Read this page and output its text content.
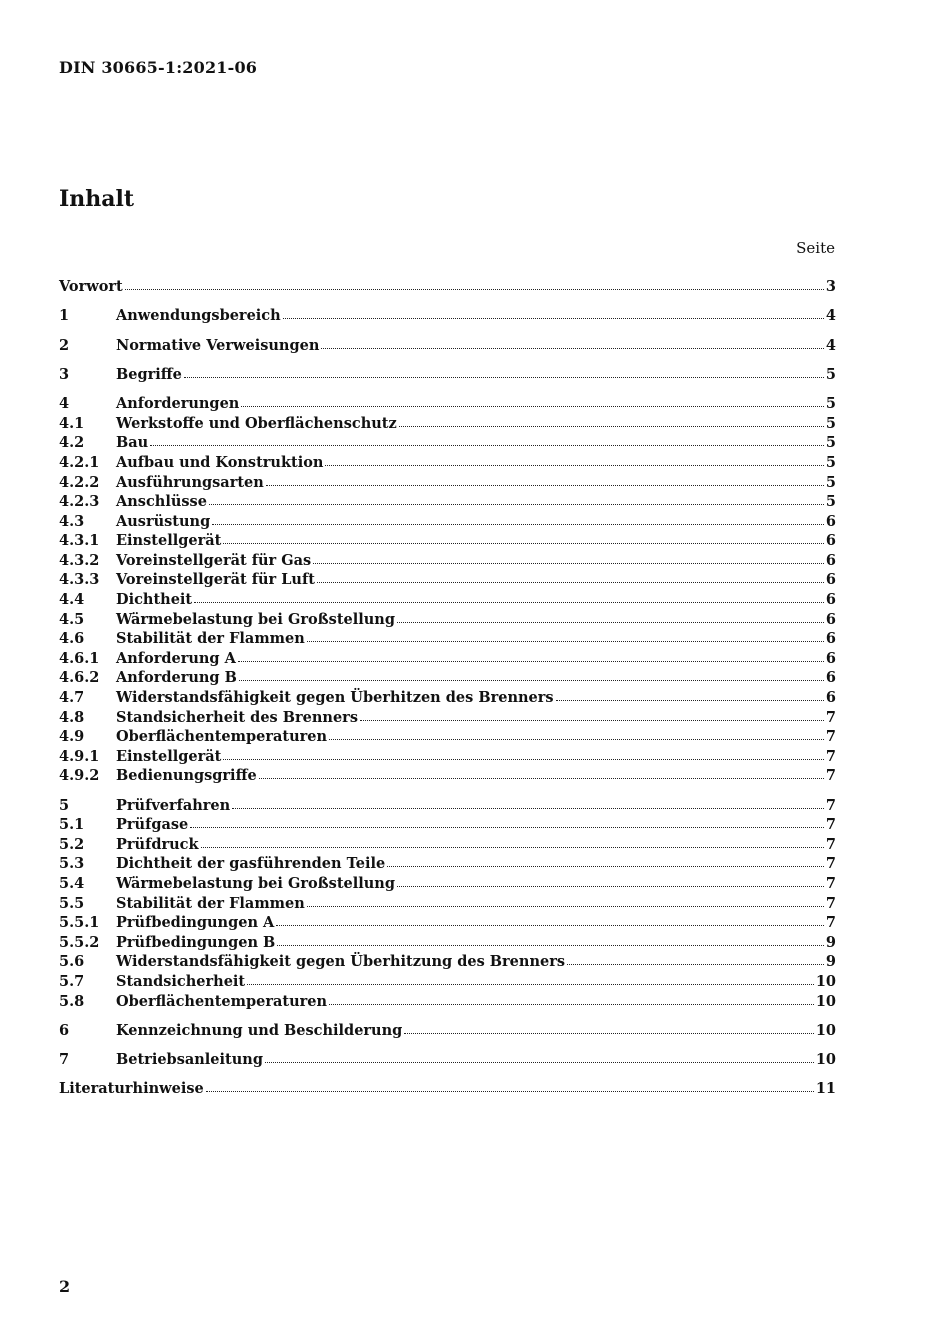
DIN 30665-1:2021-06
Inhalt
Seite
Vorwort	3
1	Anwendungsbereich	4
2	Normative Verweisungen	4
3	Begriffe	5
4	Anforderungen	5
4.1	Werkstoffe und Oberflächenschutz	5
4.2	Bau	5
4.2.1	Aufbau und Konstruktion	5
4.2.2	Ausführungsarten	5
4.2.3	Anschlüsse	5
4.3	Ausrüstung	6
4.3.1	Einstellgerät	6
4.3.2	Voreinstellgerät für Gas	6
4.3.3	Voreinstellgerät für Luft	6
4.4	Dichtheit	6
4.5	Wärmebelastung bei Großstellung	6
4.6	Stabilität der Flammen	6
4.6.1	Anforderung A	6
4.6.2	Anforderung B	6
4.7	Widerstandsfähigkeit gegen Überhitzen des Brenners	6
4.8	Standsicherheit des Brenners	7
4.9	Oberflächentemperaturen	7
4.9.1	Einstellgerät	7
4.9.2	Bedienungsgriffe	7
5	Prüfverfahren	7
5.1	Prüfgase	7
5.2	Prüfdruck	7
5.3	Dichtheit der gasführenden Teile	7
5.4	Wärmebelastung bei Großstellung	7
5.5	Stabilität der Flammen	7
5.5.1	Prüfbedingungen A	7
5.5.2	Prüfbedingungen B	9
5.6	Widerstandsfähigkeit gegen Überhitzung des Brenners	9
5.7	Standsicherheit	10
5.8	Oberflächentemperaturen	10
6	Kennzeichnung und Beschilderung	10
7	Betriebsanleitung	10
Literaturhinweise	11
2
